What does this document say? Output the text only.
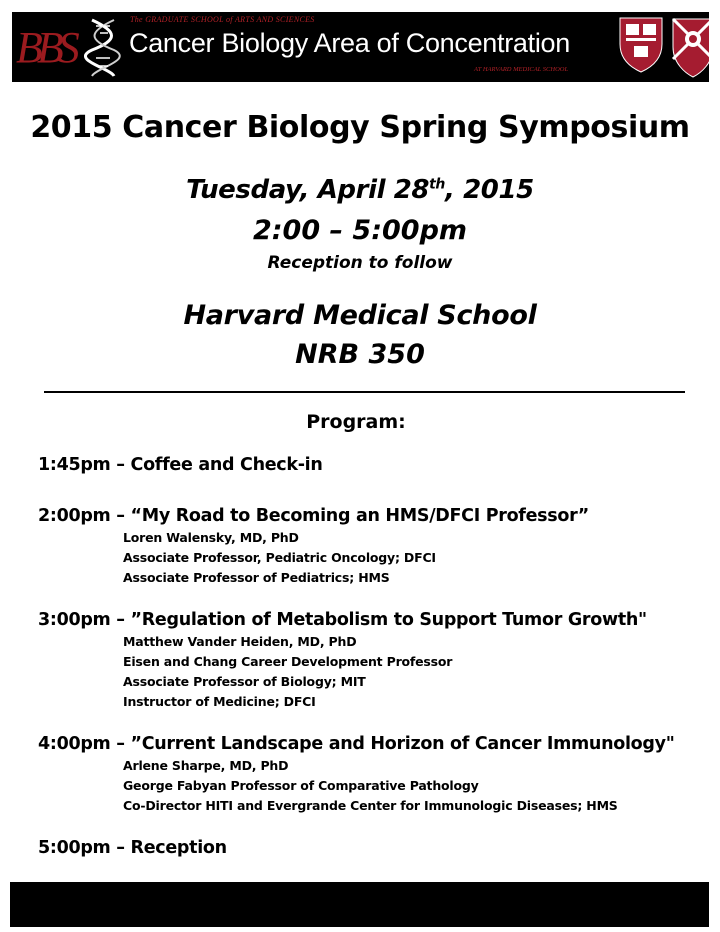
BBS
The GRADUATE SCHOOL of ARTS AND SCIENCES
Cancer Biology Area of Concentration
AT HARVARD MEDICAL SCHOOL
2015 Cancer Biology Spring Symposium
Tuesday, April 28th, 2015
2:00 – 5:00pm
Reception to follow
Harvard Medical School
NRB 350
Program:
1:45pm – Coffee and Check-in
2:00pm – “My Road to Becoming an HMS/DFCI Professor”
Loren Walensky, MD, PhD
Associate Professor, Pediatric Oncology; DFCI
Associate Professor of Pediatrics; HMS
3:00pm – ”Regulation of Metabolism to Support Tumor Growth"
Matthew Vander Heiden, MD, PhD
Eisen and Chang Career Development Professor
Associate Professor of Biology; MIT
Instructor of Medicine; DFCI
4:00pm – ”Current Landscape and Horizon of Cancer Immunology"
Arlene Sharpe, MD, PhD
George Fabyan Professor of Comparative Pathology
Co-Director HITI and Evergrande Center for Immunologic Diseases; HMS
5:00pm – Reception
